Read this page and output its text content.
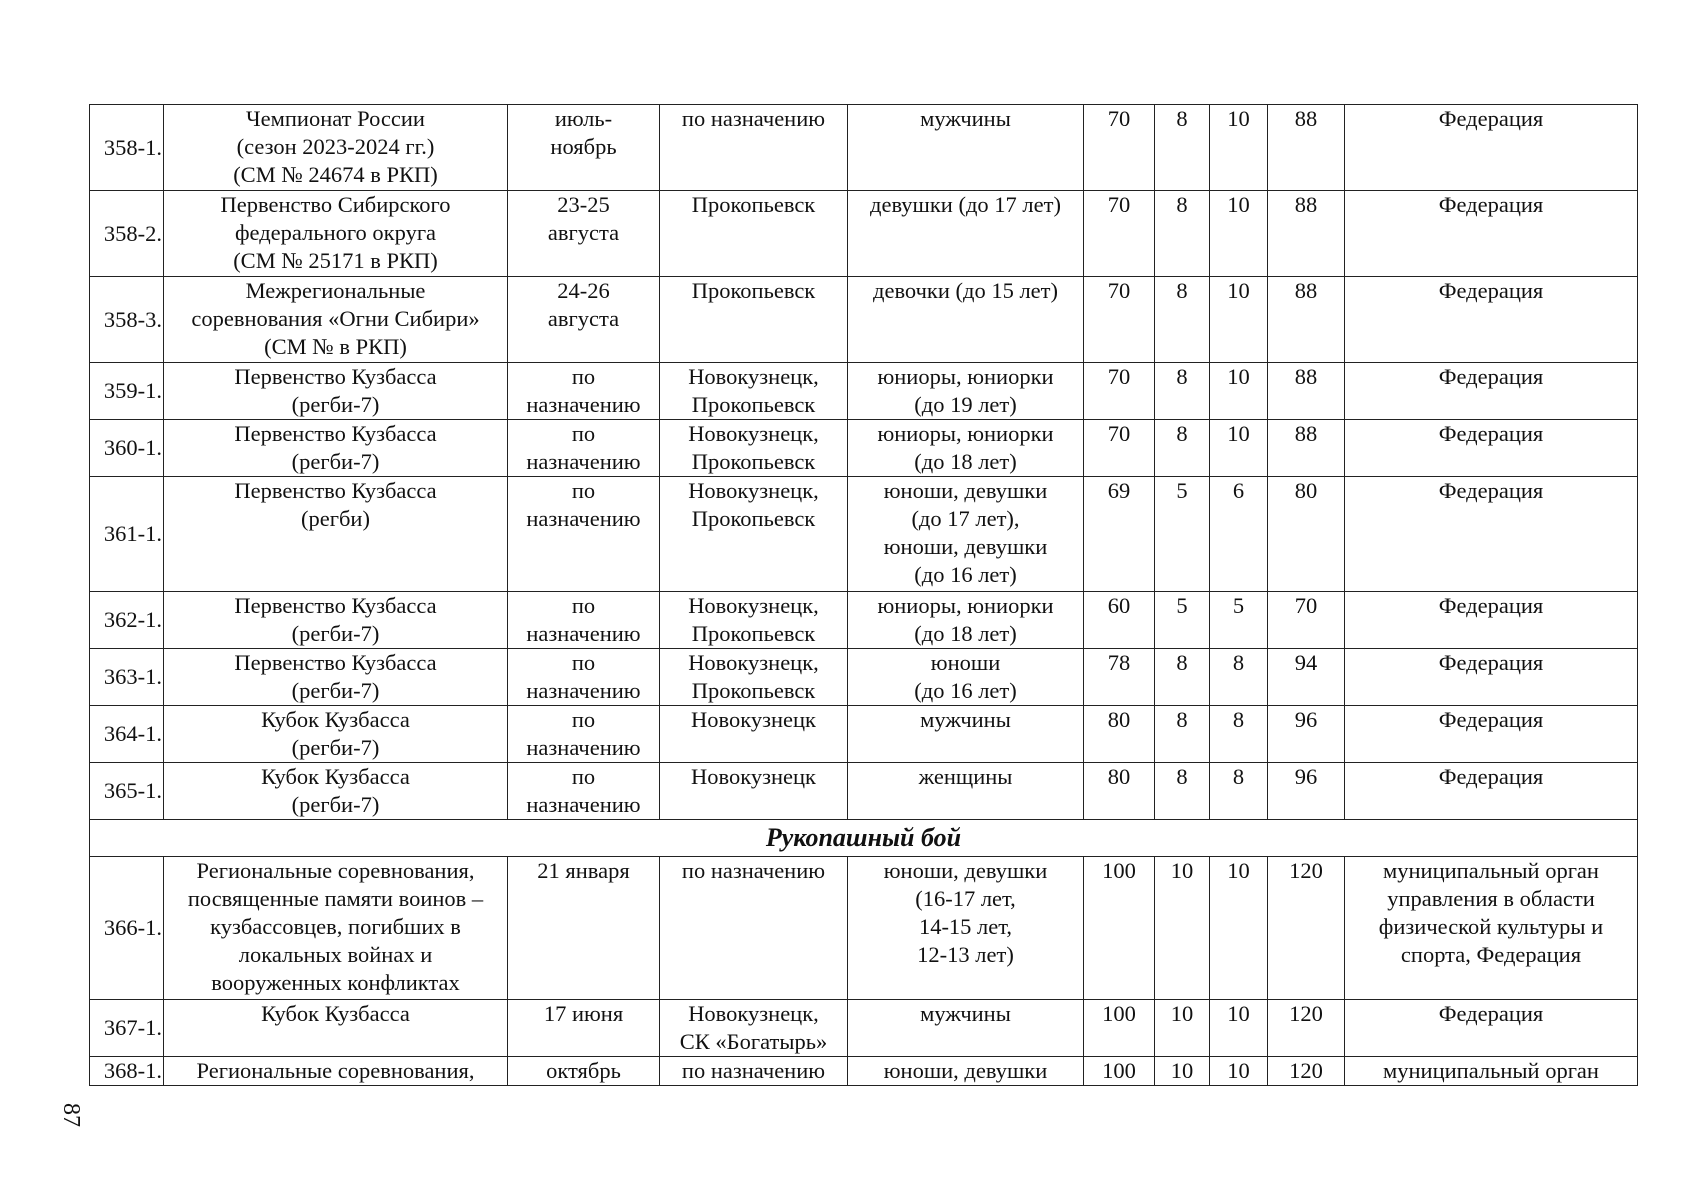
358-1.	Чемпионат России
(сезон 2023-2024 гг.)
(СМ № 24674 в РКП)	июль-
ноябрь	по назначению	мужчины	70	8	10	88	Федерация
358-2.	Первенство Сибирского
федерального округа
(СМ № 25171 в РКП)	23-25
августа	Прокопьевск	девушки (до 17 лет)	70	8	10	88	Федерация
358-3.	Межрегиональные
соревнования «Огни Сибири»
(СМ № в РКП)	24-26
августа	Прокопьевск	девочки (до 15 лет)	70	8	10	88	Федерация
359-1.	Первенство Кузбасса
(регби-7)	по
назначению	Новокузнецк,
Прокопьевск	юниоры, юниорки
(до 19 лет)	70	8	10	88	Федерация
360-1.	Первенство Кузбасса
(регби-7)	по
назначению	Новокузнецк,
Прокопьевск	юниоры, юниорки
(до 18 лет)	70	8	10	88	Федерация
361-1.	Первенство Кузбасса
(регби)	по
назначению	Новокузнецк,
Прокопьевск	юноши, девушки
(до 17 лет),
юноши, девушки
(до 16 лет)	69	5	6	80	Федерация
362-1.	Первенство Кузбасса
(регби-7)	по
назначению	Новокузнецк,
Прокопьевск	юниоры, юниорки
(до 18 лет)	60	5	5	70	Федерация
363-1.	Первенство Кузбасса
(регби-7)	по
назначению	Новокузнецк,
Прокопьевск	юноши
(до 16 лет)	78	8	8	94	Федерация
364-1.	Кубок Кузбасса
(регби-7)	по
назначению	Новокузнецк	мужчины	80	8	8	96	Федерация
365-1.	Кубок Кузбасса
(регби-7)	по
назначению	Новокузнецк	женщины	80	8	8	96	Федерация
Рукопашный бой									
366-1.	Региональные соревнования,
посвященные памяти воинов –
кузбассовцев, погибших в
локальных войнах и
вооруженных конфликтах	21 января	по назначению	юноши, девушки
(16-17 лет,
14-15 лет,
12-13 лет)	100	10	10	120	муниципальный орган
управления в области
физической культуры и
спорта, Федерация
367-1.	Кубок Кузбасса	17 июня	Новокузнецк,
СК «Богатырь»	мужчины	100	10	10	120	Федерация
368-1.	Региональные соревнования,	октябрь	по назначению	юноши, девушки	100	10	10	120	муниципальный орган
87
